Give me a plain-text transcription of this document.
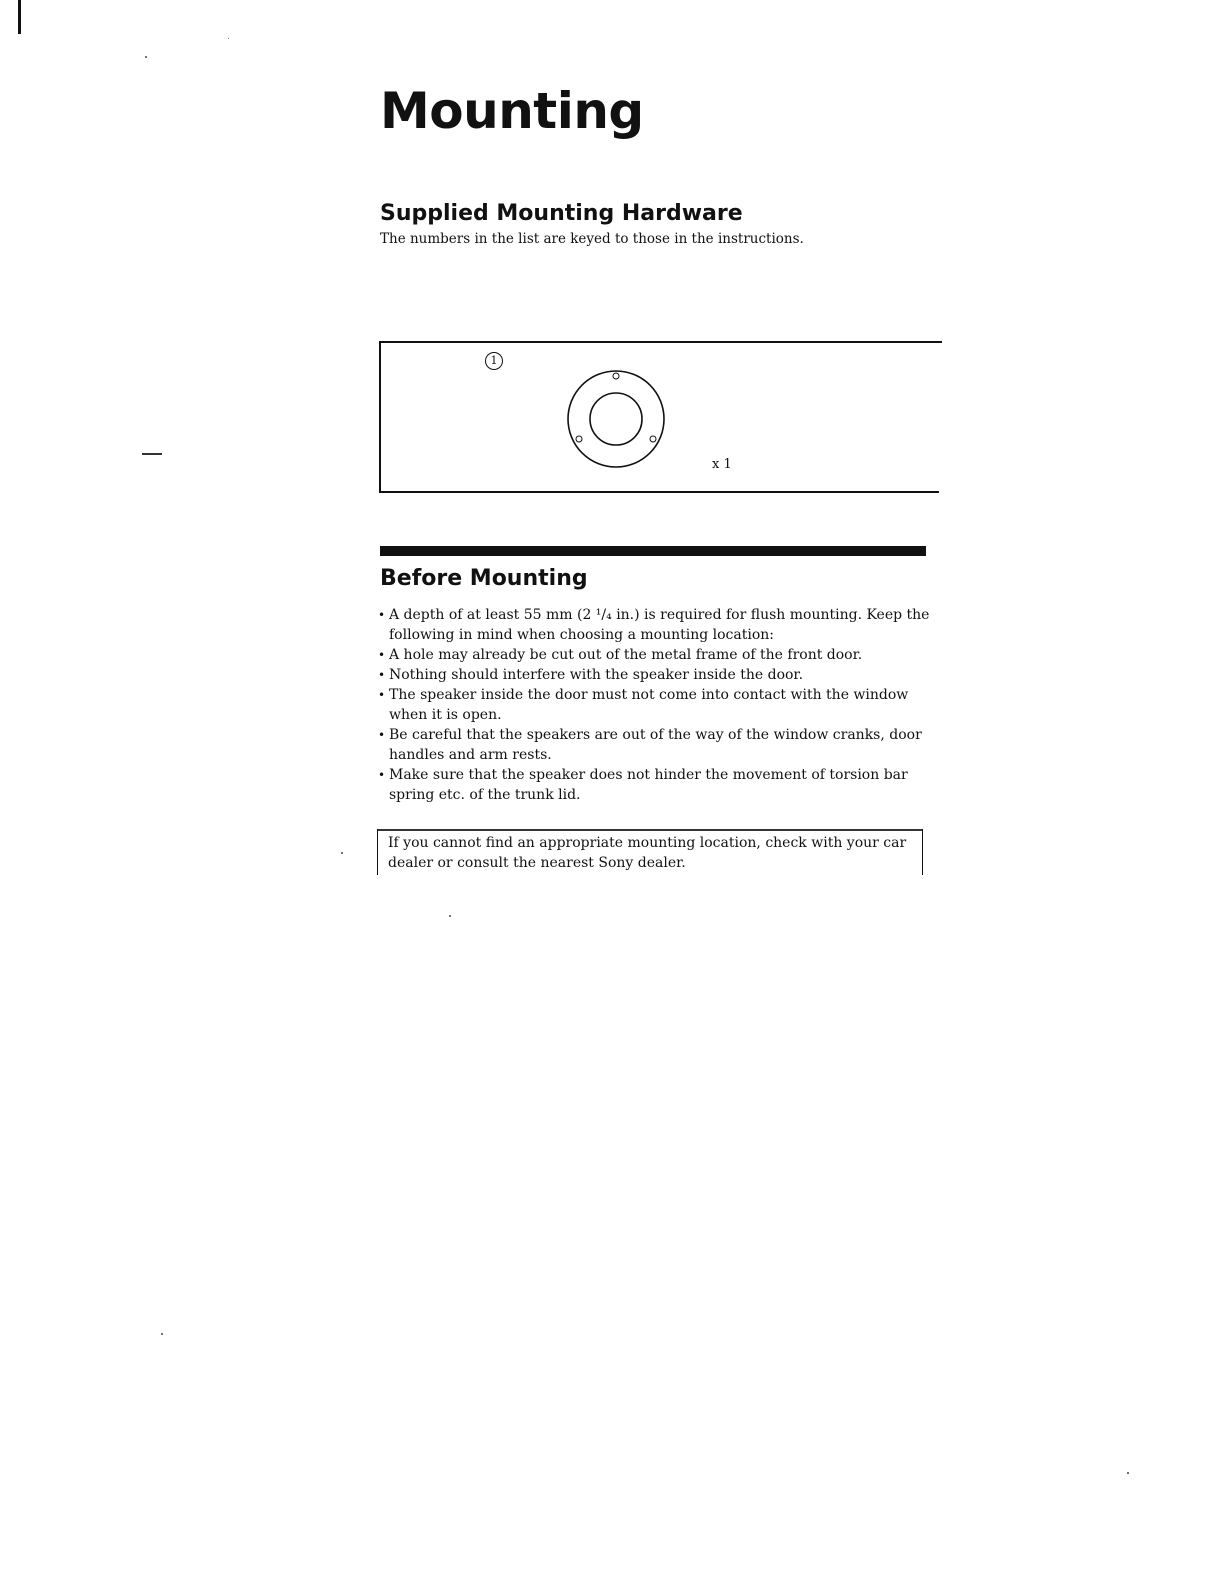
Mounting
Supplied Mounting Hardware

The numbers in the list are keyed to those in the instructions.

1
x 1
Before Mounting
• A depth of at least 55 mm (2 ¹/₄ in.) is required for flush mounting. Keep the following in mind when choosing a mounting location:
• A hole may already be cut out of the metal frame of the front door.
• Nothing should interfere with the speaker inside the door.
• The speaker inside the door must not come into contact with the window when it is open.
• Be careful that the speakers are out of the way of the window cranks, door handles and arm rests.
• Make sure that the speaker does not hinder the movement of torsion bar spring etc. of the trunk lid.

If you cannot find an appropriate mounting location, check with your car dealer or consult the nearest Sony dealer.
